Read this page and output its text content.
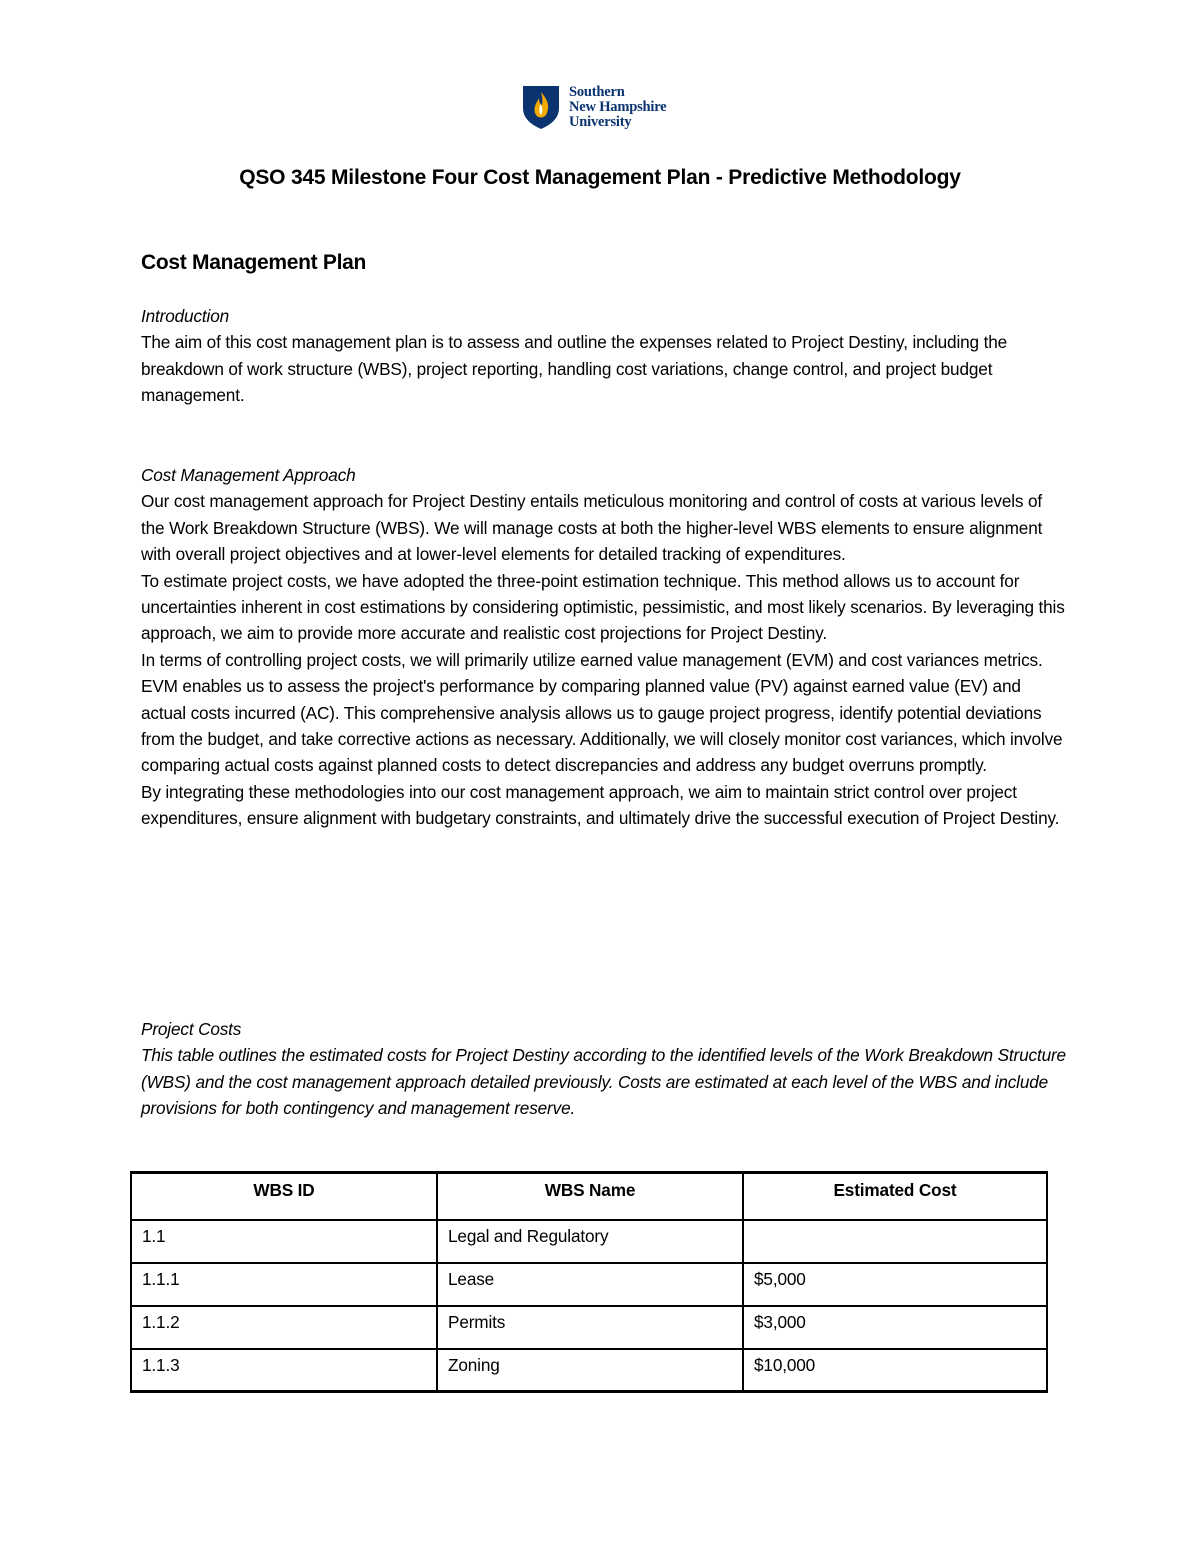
Southern
New Hampshire
University
QSO 345 Milestone Four Cost Management Plan - Predictive Methodology
Cost Management Plan

Introduction

The aim of this cost management plan is to assess and outline the expenses related to Project Destiny, including the breakdown of work structure (WBS), project reporting, handling cost variations, change control, and project budget management.

Cost Management Approach

Our cost management approach for Project Destiny entails meticulous monitoring and control of costs at various levels of the Work Breakdown Structure (WBS). We will manage costs at both the higher-level WBS elements to ensure alignment with overall project objectives and at lower-level elements for detailed tracking of expenditures.

To estimate project costs, we have adopted the three-point estimation technique. This method allows us to account for uncertainties inherent in cost estimations by considering optimistic, pessimistic, and most likely scenarios. By leveraging this approach, we aim to provide more accurate and realistic cost projections for Project Destiny.

In terms of controlling project costs, we will primarily utilize earned value management (EVM) and cost variances metrics. EVM enables us to assess the project's performance by comparing planned value (PV) against earned value (EV) and actual costs incurred (AC). This comprehensive analysis allows us to gauge project progress, identify potential deviations from the budget, and take corrective actions as necessary. Additionally, we will closely monitor cost variances, which involve comparing actual costs against planned costs to detect discrepancies and address any budget overruns promptly.

By integrating these methodologies into our cost management approach, we aim to maintain strict control over project expenditures, ensure alignment with budgetary constraints, and ultimately drive the successful execution of Project Destiny.

Project Costs

This table outlines the estimated costs for Project Destiny according to the identified levels of the Work Breakdown Structure (WBS) and the cost management approach detailed previously. Costs are estimated at each level of the WBS and include provisions for both contingency and management reserve.

WBS ID	WBS Name	Estimated Cost
1.1	Legal and Regulatory	
1.1.1	Lease	$5,000
1.1.2	Permits	$3,000
1.1.3	Zoning	$10,000
